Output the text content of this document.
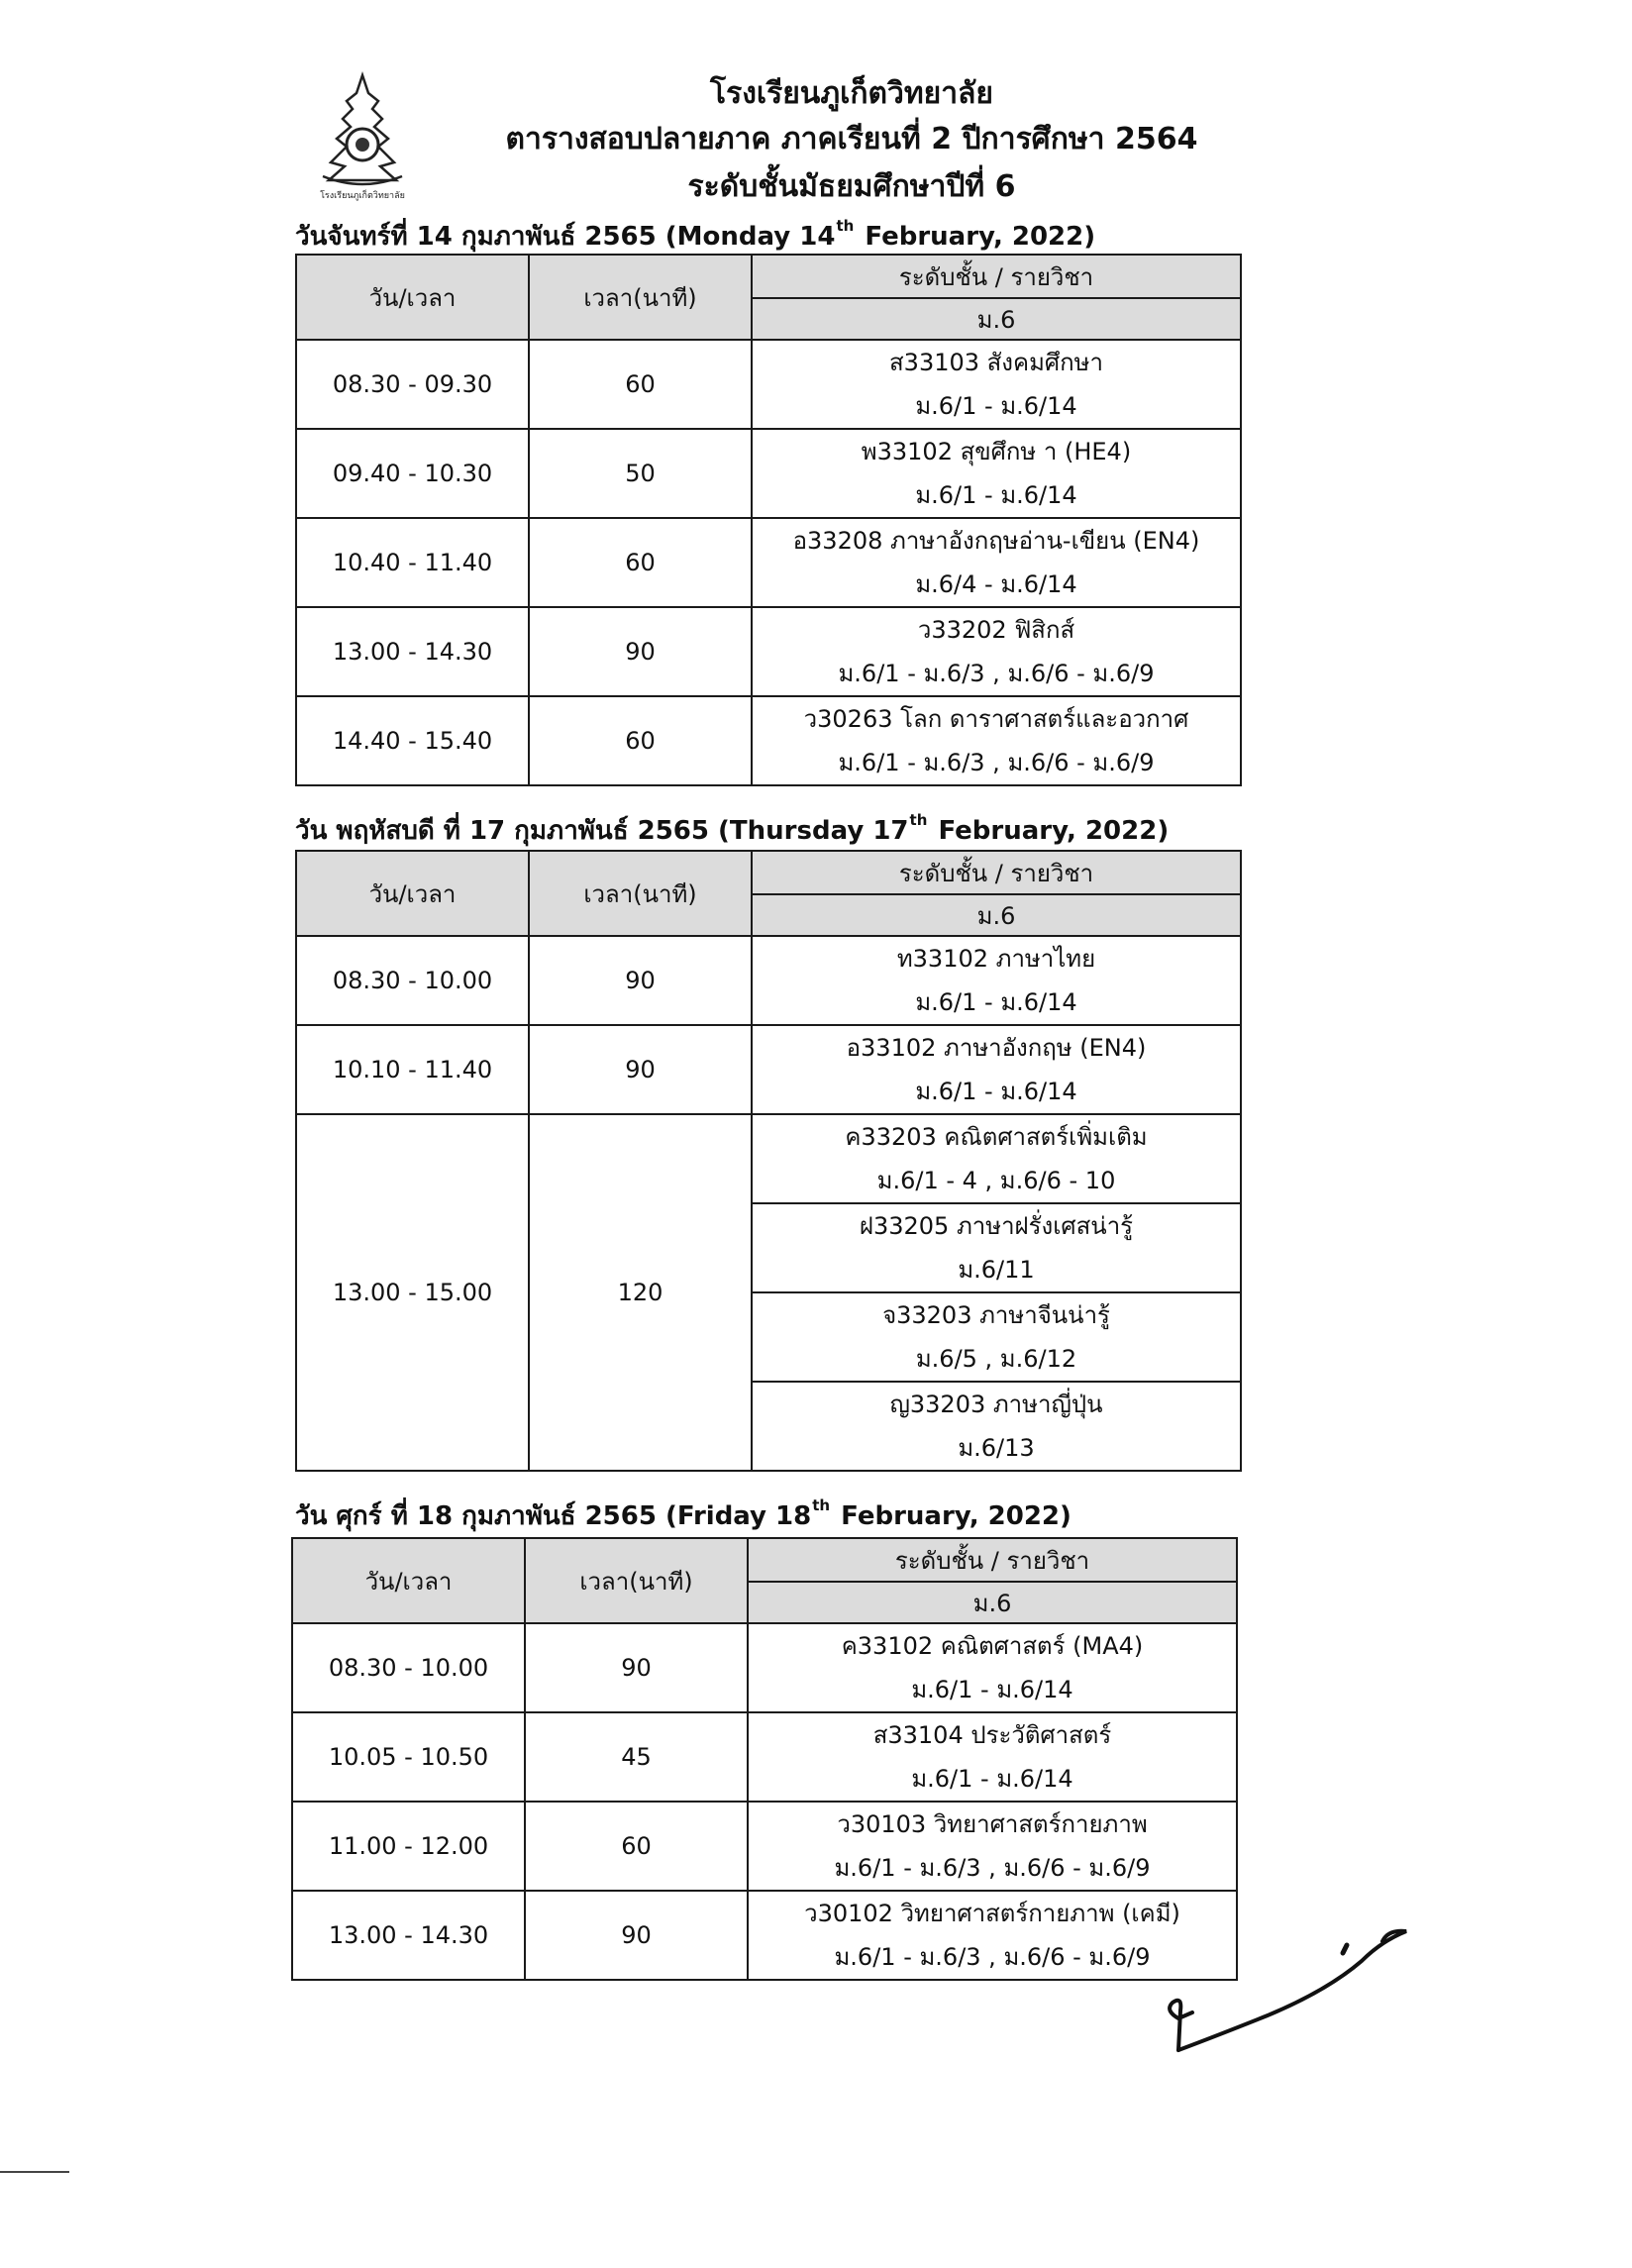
โรงเรียนภูเก็ตวิทยาลัย
โรงเรียนภูเก็ตวิทยาลัย
ตารางสอบปลายภาค ภาคเรียนที่ 2 ปีการศึกษา 2564
ระดับชั้นมัธยมศึกษาปีที่ 6
วันจันทร์ที่ 14 กุมภาพันธ์ 2565 (Monday 14th February, 2022)
วัน/เวลา	เวลา(นาที)	ระดับชั้น / รายวิชา
		ม.6
08.30 - 09.30	60	ส33103 สังคมศึกษา
ม.6/1 - ม.6/14

09.40 - 10.30	50	พ33102 สุขศึกษ า (HE4)
ม.6/1 - ม.6/14

10.40 - 11.40	60	อ33208 ภาษาอังกฤษอ่าน-เขียน (EN4)
ม.6/4 - ม.6/14

13.00 - 14.30	90	ว33202 ฟิสิกส์
ม.6/1 - ม.6/3 , ม.6/6 - ม.6/9

14.40 - 15.40	60	ว30263 โลก ดาราศาสตร์และอวกาศ
ม.6/1 - ม.6/3 , ม.6/6 - ม.6/9
วัน พฤหัสบดี ที่ 17 กุมภาพันธ์ 2565 (Thursday 17th February, 2022)
วัน/เวลา	เวลา(นาที)	ระดับชั้น / รายวิชา
		ม.6
08.30 - 10.00	90	ท33102 ภาษาไทย
ม.6/1 - ม.6/14

10.10 - 11.40	90	อ33102 ภาษาอังกฤษ (EN4)
ม.6/1 - ม.6/14

13.00 - 15.00	120	ค33203 คณิตศาสตร์เพิ่มเติม
ม.6/1 - 4 , ม.6/6 - 10

		ฝ33205 ภาษาฝรั่งเศสน่ารู้
ม.6/11

		จ33203 ภาษาจีนน่ารู้
ม.6/5 , ม.6/12

		ญ33203 ภาษาญี่ปุ่น
ม.6/13
วัน ศุกร์ ที่ 18 กุมภาพันธ์ 2565 (Friday 18th February, 2022)
วัน/เวลา	เวลา(นาที)	ระดับชั้น / รายวิชา
		ม.6
08.30 - 10.00	90	ค33102 คณิตศาสตร์ (MA4)
ม.6/1 - ม.6/14

10.05 - 10.50	45	ส33104 ประวัติศาสตร์
ม.6/1 - ม.6/14

11.00 - 12.00	60	ว30103 วิทยาศาสตร์กายภาพ
ม.6/1 - ม.6/3 , ม.6/6 - ม.6/9

13.00 - 14.30	90	ว30102 วิทยาศาสตร์กายภาพ (เคมี)
ม.6/1 - ม.6/3 , ม.6/6 - ม.6/9
